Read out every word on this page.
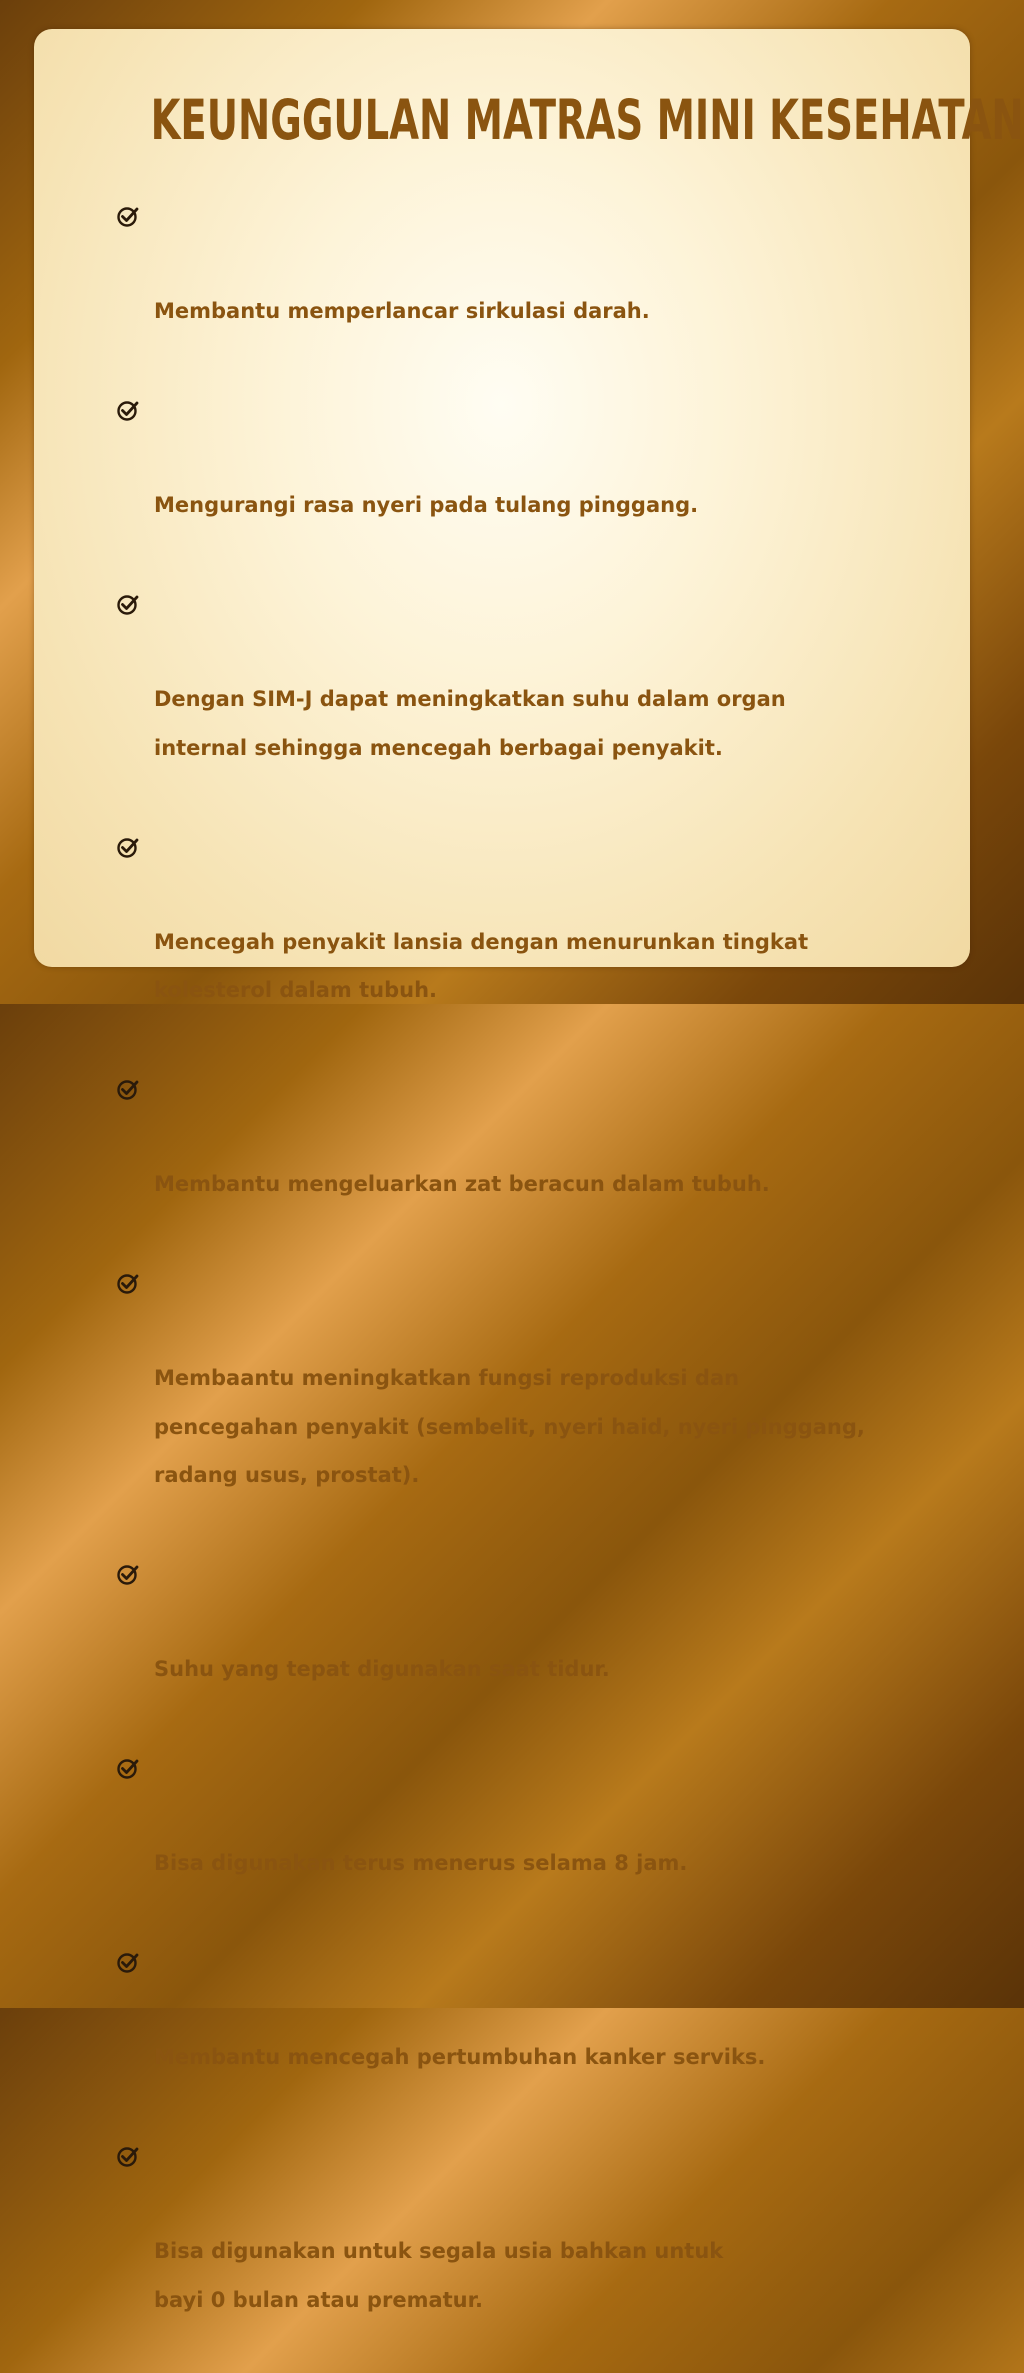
KEUNGGULAN MATRAS MINI KESEHATAN

Membantu memperlancar sirkulasi darah.

Mengurangi rasa nyeri pada tulang pinggang.

Dengan SIM-J dapat meningkatkan suhu dalam organ
internal sehingga mencegah berbagai penyakit.

Mencegah penyakit lansia dengan menurunkan tingkat
kolesterol dalam tubuh.

Membantu mengeluarkan zat beracun dalam tubuh.

Membaantu meningkatkan fungsi reproduksi dan
pencegahan penyakit (sembelit, nyeri haid, nyeri pinggang,
radang usus, prostat).

Suhu yang tepat digunakan saat tidur.

Bisa digunakan terus menerus selama 8 jam.

Membantu mencegah pertumbuhan kanker serviks.

Bisa digunakan untuk segala usia bahkan untuk
bayi 0 bulan atau prematur.
